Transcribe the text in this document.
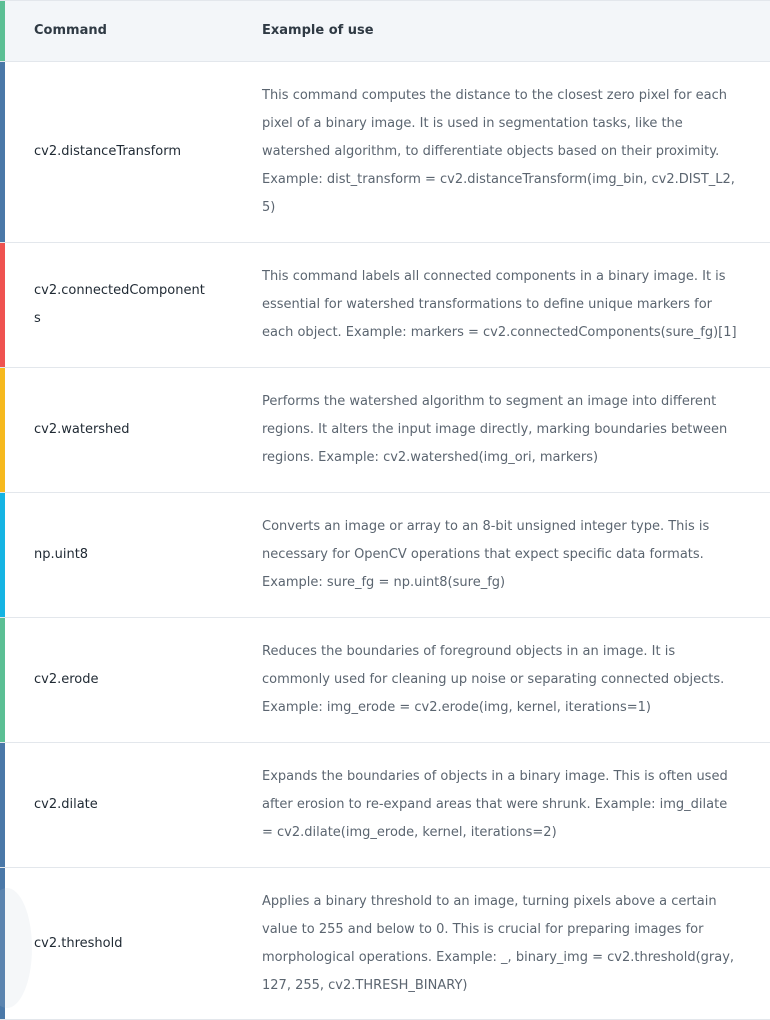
Command	Example of use
cv2.distanceTransform
This command computes the distance to the closest zero pixel for each pixel of a binary image. It is used in segmentation tasks, like the watershed algorithm, to differentiate objects based on their proximity. Example: dist_transform = cv2.distanceTransform(img_bin, cv2.DIST_L2, 5)
cv2.connectedComponents
This command labels all connected components in a binary image. It is essential for watershed transformations to define unique markers for each object. Example: markers = cv2.connectedComponents(sure_fg)[1]
cv2.watershed
Performs the watershed algorithm to segment an image into different regions. It alters the input image directly, marking boundaries between regions. Example: cv2.watershed(img_ori, markers)
np.uint8
Converts an image or array to an 8-bit unsigned integer type. This is necessary for OpenCV operations that expect specific data formats. Example: sure_fg = np.uint8(sure_fg)
cv2.erode
Reduces the boundaries of foreground objects in an image. It is commonly used for cleaning up noise or separating connected objects. Example: img_erode = cv2.erode(img, kernel, iterations=1)
cv2.dilate
Expands the boundaries of objects in a binary image. This is often used after erosion to re-expand areas that were shrunk. Example: img_dilate = cv2.dilate(img_erode, kernel, iterations=2)
cv2.threshold
Applies a binary threshold to an image, turning pixels above a certain value to 255 and below to 0. This is crucial for preparing images for morphological operations. Example: _, binary_img = cv2.threshold(gray, 127, 255, cv2.THRESH_BINARY)
